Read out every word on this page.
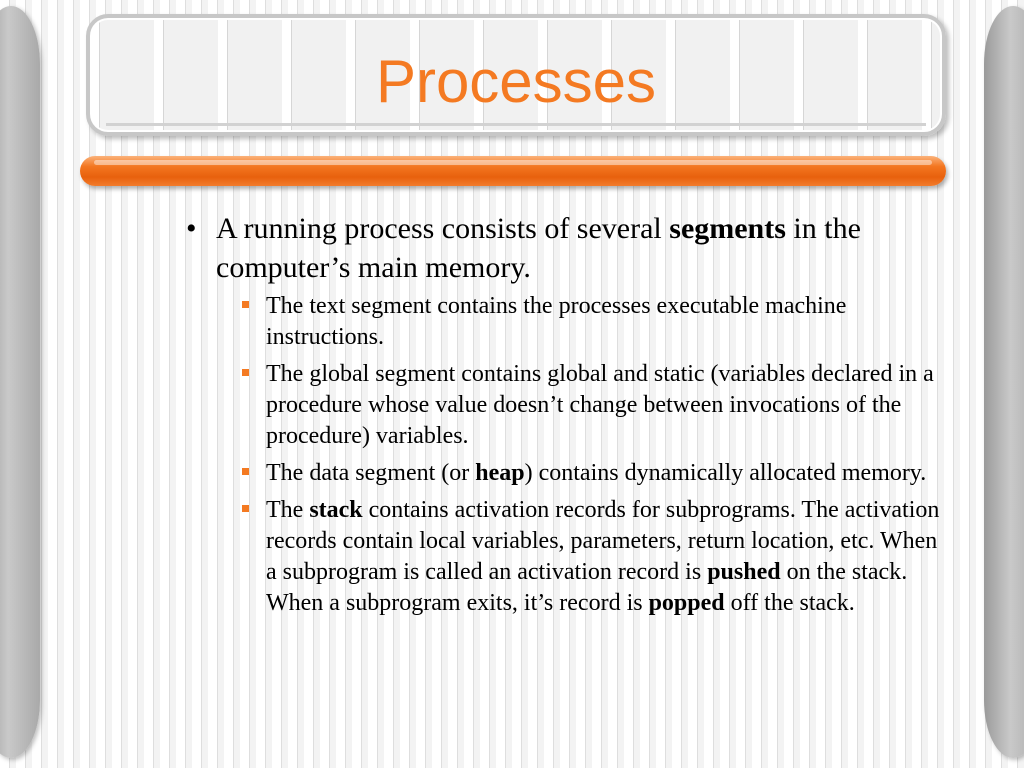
Processes

• A running process consists of several segments in the computer’s main memory.

The text segment contains the processes executable machine instructions.
The global segment contains global and static (variables declared in a procedure whose value doesn’t change between invocations of the procedure) variables.
The data segment (or heap) contains dynamically allocated memory.
The stack contains activation records for subprograms. The activation records contain local variables, parameters, return location, etc. When a subprogram is called an activation record is pushed on the stack. When a subprogram exits, it’s record is popped off the stack.
